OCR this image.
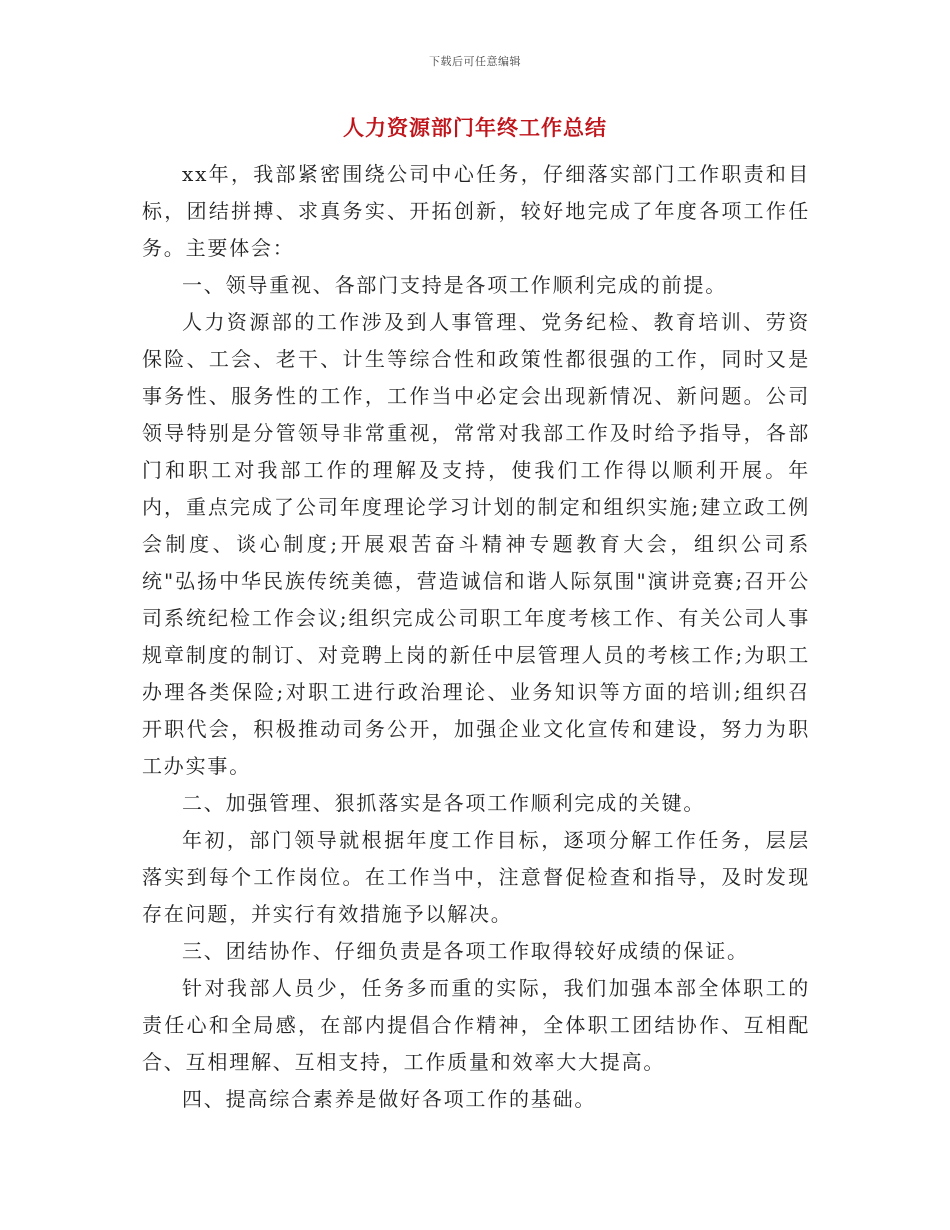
下载后可任意编辑
人力资源部门年终工作总结

xx年，我部紧密围绕公司中心任务，仔细落实部门工作职责和目标，团结拼搏、求真务实、开拓创新，较好地完成了年度各项工作任务。主要体会：

一、领导重视、各部门支持是各项工作顺利完成的前提。

人力资源部的工作涉及到人事管理、党务纪检、教育培训、劳资保险、工会、老干、计生等综合性和政策性都很强的工作，同时又是事务性、服务性的工作，工作当中必定会出现新情况、新问题。公司领导特别是分管领导非常重视，常常对我部工作及时给予指导，各部门和职工对我部工作的理解及支持，使我们工作得以顺利开展。年内，重点完成了公司年度理论学习计划的制定和组织实施;建立政工例会制度、谈心制度;开展艰苦奋斗精神专题教育大会，组织公司系统"弘扬中华民族传统美德，营造诚信和谐人际氛围"演讲竞赛;召开公司系统纪检工作会议;组织完成公司职工年度考核工作、有关公司人事规章制度的制订、对竞聘上岗的新任中层管理人员的考核工作;为职工办理各类保险;对职工进行政治理论、业务知识等方面的培训;组织召开职代会，积极推动司务公开，加强企业文化宣传和建设，努力为职工办实事。

二、加强管理、狠抓落实是各项工作顺利完成的关键。

年初，部门领导就根据年度工作目标，逐项分解工作任务，层层落实到每个工作岗位。在工作当中，注意督促检查和指导，及时发现存在问题，并实行有效措施予以解决。

三、团结协作、仔细负责是各项工作取得较好成绩的保证。

针对我部人员少，任务多而重的实际，我们加强本部全体职工的责任心和全局感，在部内提倡合作精神，全体职工团结协作、互相配合、互相理解、互相支持，工作质量和效率大大提高。

四、提高综合素养是做好各项工作的基础。
